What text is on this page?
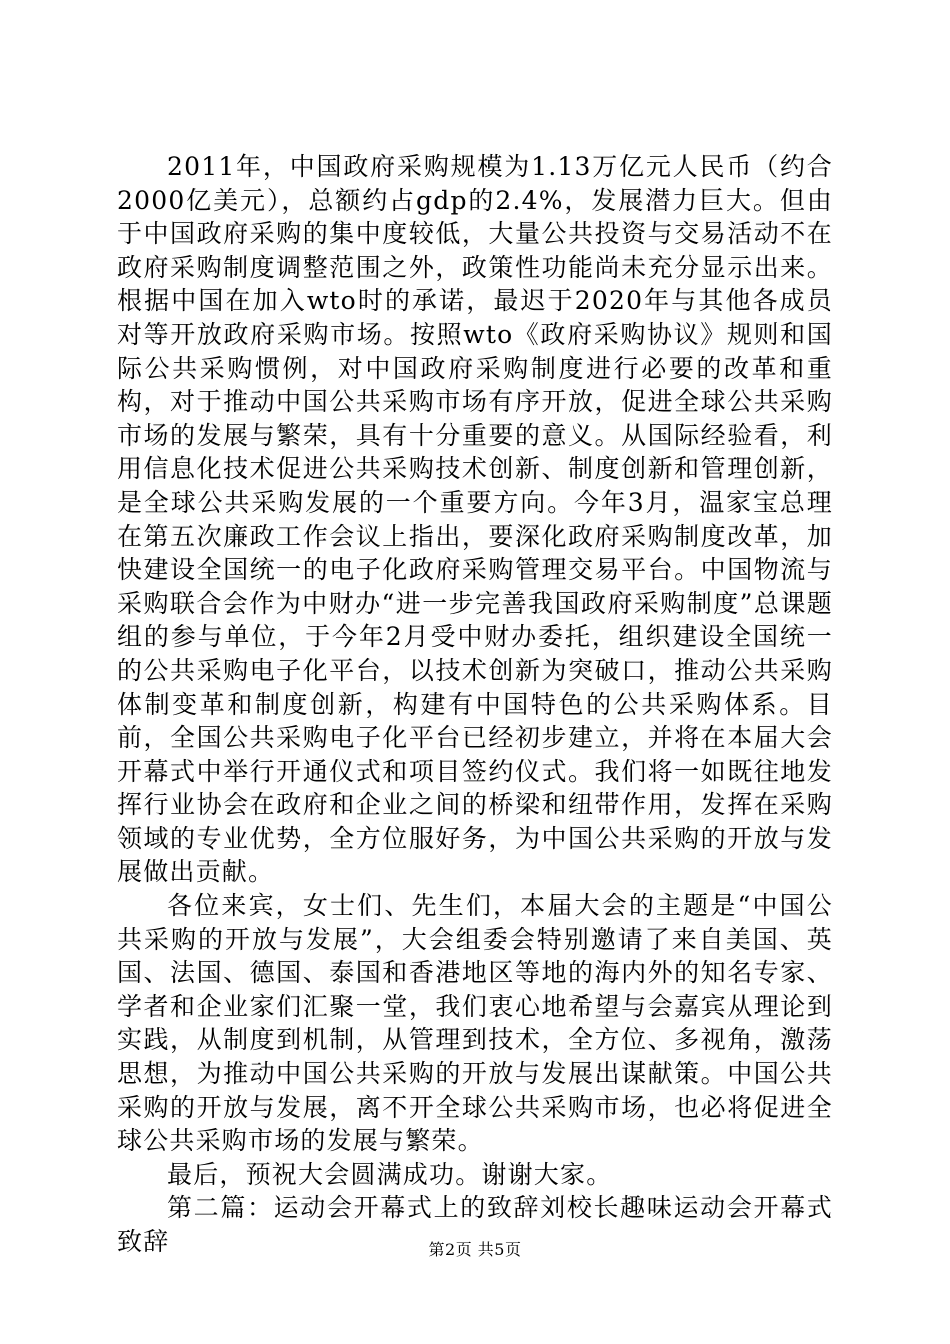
2011年，中国政府采购规模为1.13万亿元人民币（约合2000亿美元），总额约占gdp的2.4%，发展潜力巨大。但由于中国政府采购的集中度较低，大量公共投资与交易活动不在政府采购制度调整范围之外，政策性功能尚未充分显示出来。根据中国在加入wto时的承诺，最迟于2020年与其他各成员对等开放政府采购市场。按照wto《政府采购协议》规则和国际公共采购惯例，对中国政府采购制度进行必要的改革和重构，对于推动中国公共采购市场有序开放，促进全球公共采购市场的发展与繁荣，具有十分重要的意义。从国际经验看，利用信息化技术促进公共采购技术创新、制度创新和管理创新，是全球公共采购发展的一个重要方向。今年3月，温家宝总理在第五次廉政工作会议上指出，要深化政府采购制度改革，加快建设全国统一的电子化政府采购管理交易平台。中国物流与采购联合会作为中财办“进一步完善我国政府采购制度”总课题组的参与单位，于今年2月受中财办委托，组织建设全国统一的公共采购电子化平台，以技术创新为突破口，推动公共采购体制变革和制度创新，构建有中国特色的公共采购体系。目前，全国公共采购电子化平台已经初步建立，并将在本届大会开幕式中举行开通仪式和项目签约仪式。我们将一如既往地发挥行业协会在政府和企业之间的桥梁和纽带作用，发挥在采购领域的专业优势，全方位服好务，为中国公共采购的开放与发展做出贡献。

各位来宾，女士们、先生们，本届大会的主题是“中国公共采购的开放与发展”，大会组委会特别邀请了来自美国、英国、法国、德国、泰国和香港地区等地的海内外的知名专家、学者和企业家们汇聚一堂，我们衷心地希望与会嘉宾从理论到实践，从制度到机制，从管理到技术，全方位、多视角，激荡思想，为推动中国公共采购的开放与发展出谋献策。中国公共采购的开放与发展，离不开全球公共采购市场，也必将促进全球公共采购市场的发展与繁荣。

最后，预祝大会圆满成功。谢谢大家。

第二篇：运动会开幕式上的致辞刘校长趣味运动会开幕式致辞	第2页 共5页
